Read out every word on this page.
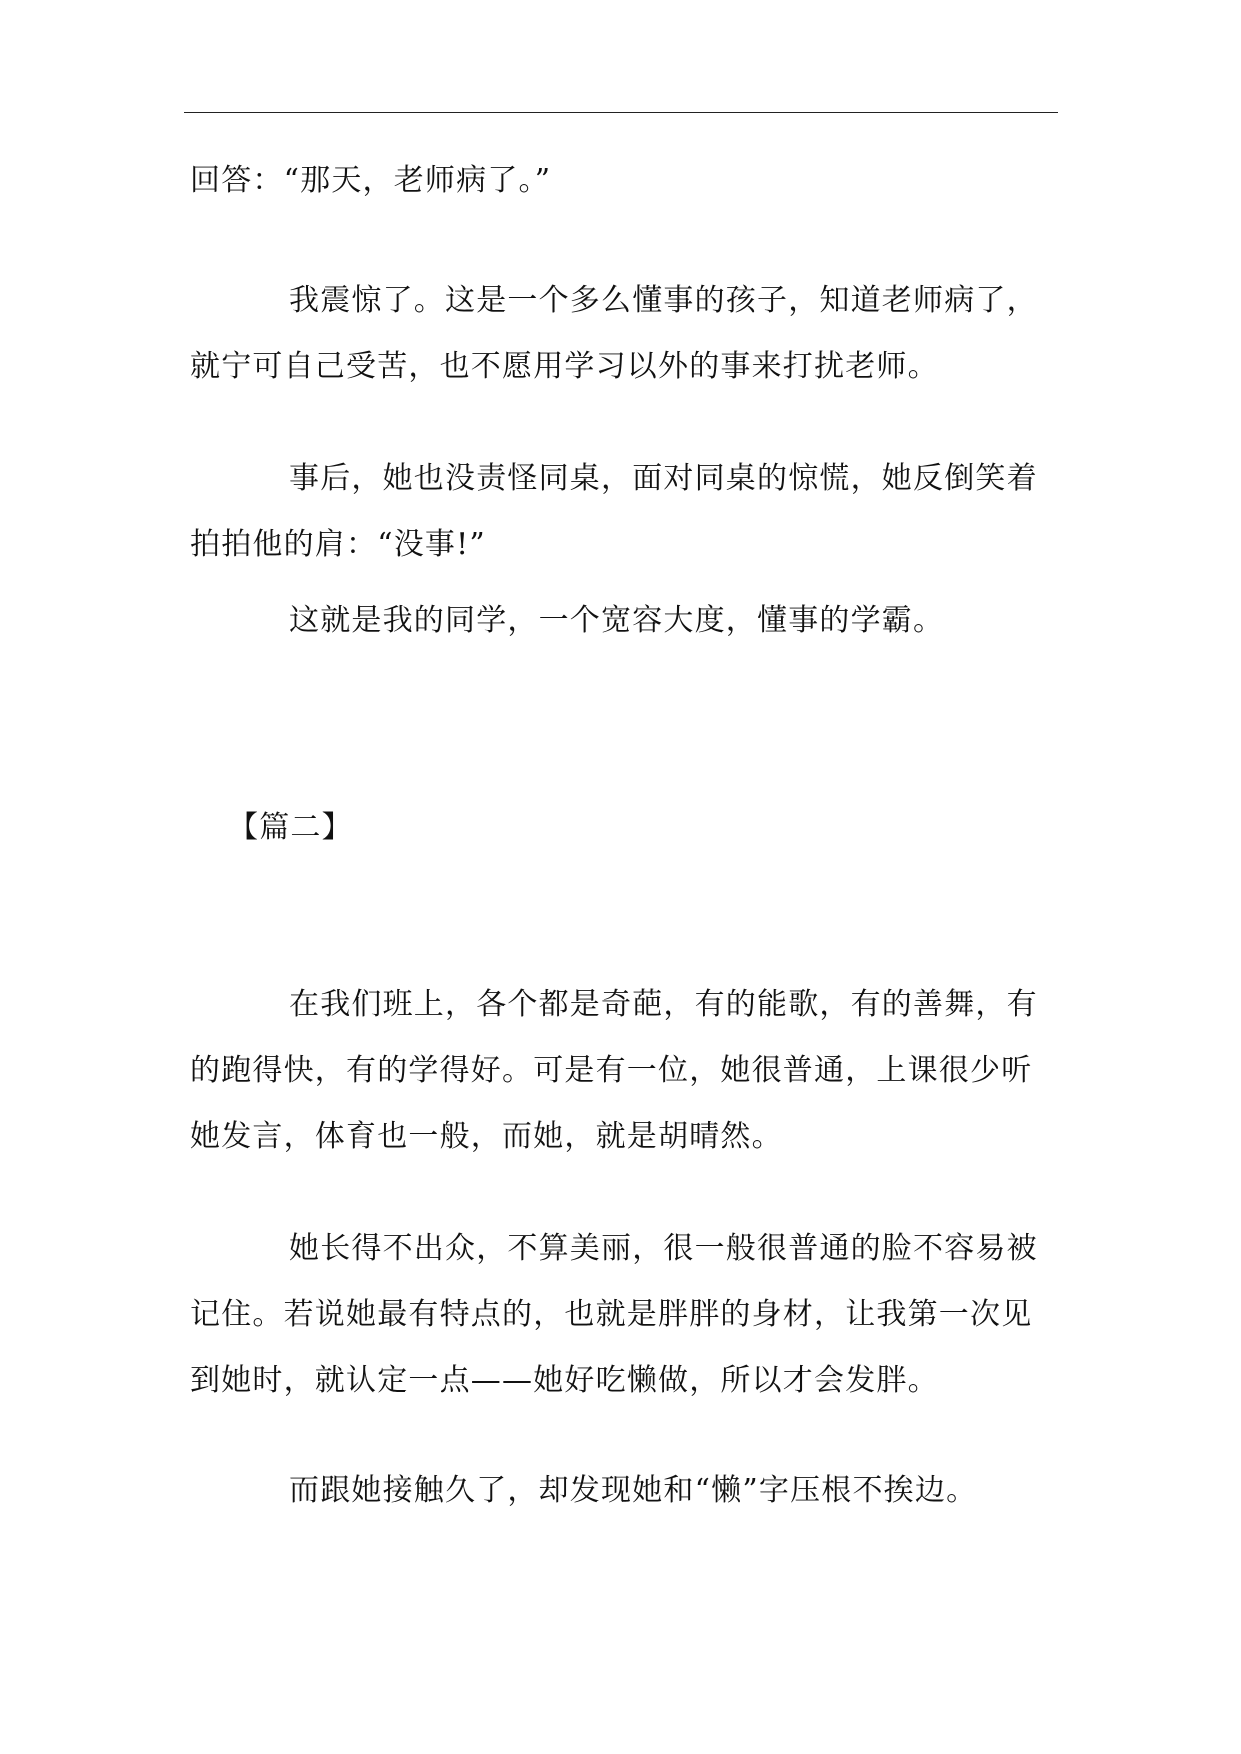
回答：“那天，老师病了。”

我震惊了。这是一个多么懂事的孩子，知道老师病了，就宁可自己受苦，也不愿用学习以外的事来打扰老师。

事后，她也没责怪同桌，面对同桌的惊慌，她反倒笑着拍拍他的肩：“没事!”

这就是我的同学，一个宽容大度，懂事的学霸。

【篇二】

在我们班上，各个都是奇葩，有的能歌，有的善舞，有的跑得快，有的学得好。可是有一位，她很普通，上课很少听她发言，体育也一般，而她，就是胡晴然。

她长得不出众，不算美丽，很一般很普通的脸不容易被记住。若说她最有特点的，也就是胖胖的身材，让我第一次见到她时，就认定一点——她好吃懒做，所以才会发胖。

而跟她接触久了，却发现她和“懒”字压根不挨边。
